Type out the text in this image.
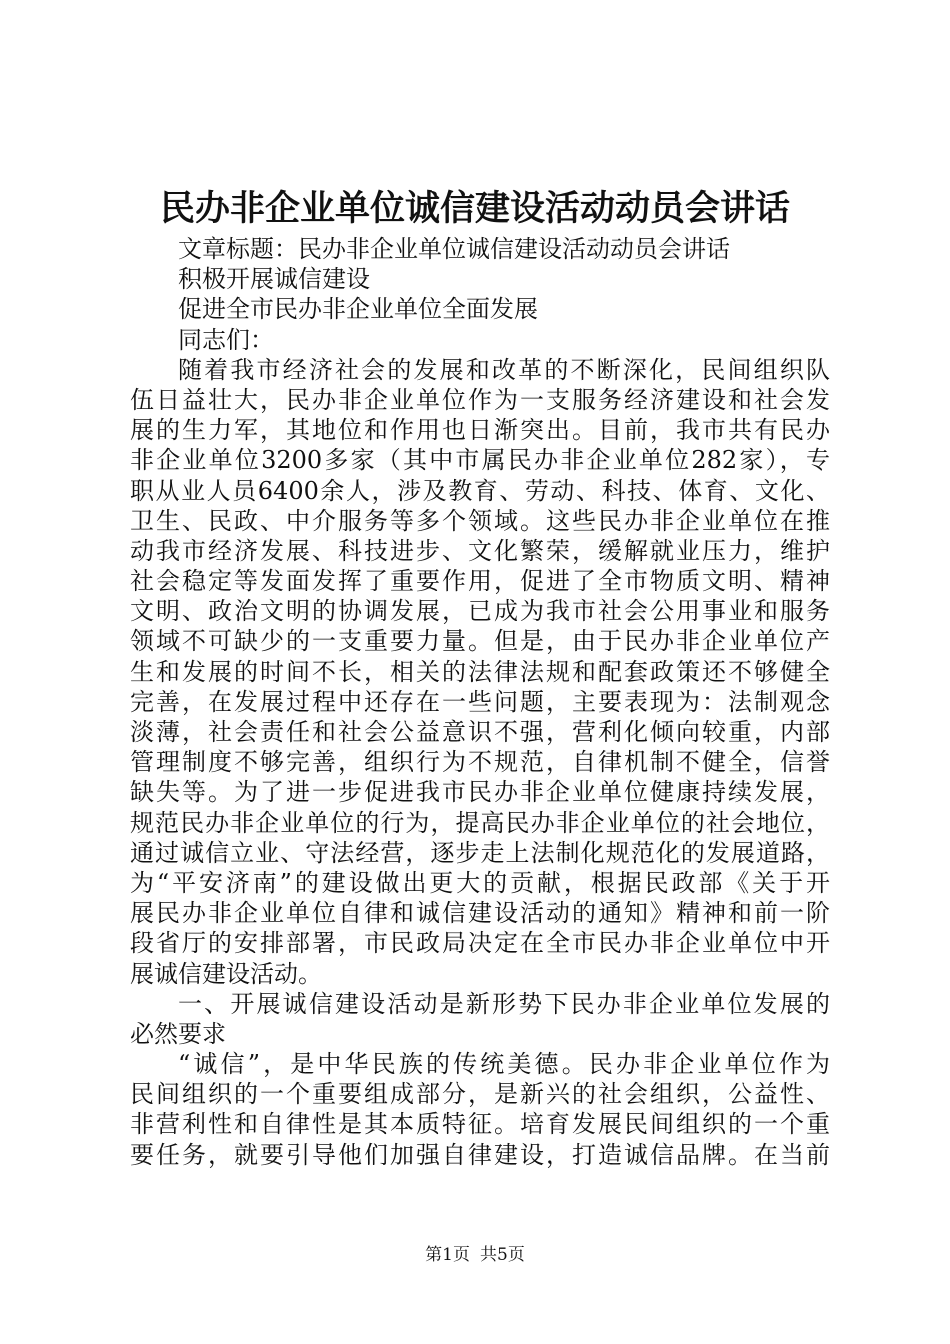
民办非企业单位诚信建设活动动员会讲话
文章标题：民办非企业单位诚信建设活动动员会讲话
积极开展诚信建设
促进全市民办非企业单位全面发展
同志们：
随着我市经济社会的发展和改革的不断深化，民间组织队
伍日益壮大，民办非企业单位作为一支服务经济建设和社会发
展的生力军，其地位和作用也日渐突出。目前，我市共有民办
非企业单位3200多家（其中市属民办非企业单位282家），专
职从业人员6400余人，涉及教育、劳动、科技、体育、文化、
卫生、民政、中介服务等多个领域。这些民办非企业单位在推
动我市经济发展、科技进步、文化繁荣，缓解就业压力，维护
社会稳定等发面发挥了重要作用，促进了全市物质文明、精神
文明、政治文明的协调发展，已成为我市社会公用事业和服务
领域不可缺少的一支重要力量。但是，由于民办非企业单位产
生和发展的时间不长，相关的法律法规和配套政策还不够健全
完善，在发展过程中还存在一些问题，主要表现为：法制观念
淡薄，社会责任和社会公益意识不强，营利化倾向较重，内部
管理制度不够完善，组织行为不规范，自律机制不健全，信誉
缺失等。为了进一步促进我市民办非企业单位健康持续发展，
规范民办非企业单位的行为，提高民办非企业单位的社会地位，
通过诚信立业、守法经营，逐步走上法制化规范化的发展道路，
为“平安济南”的建设做出更大的贡献，根据民政部《关于开
展民办非企业单位自律和诚信建设活动的通知》精神和前一阶
段省厅的安排部署，市民政局决定在全市民办非企业单位中开
展诚信建设活动。
一、开展诚信建设活动是新形势下民办非企业单位发展的
必然要求
“诚信”，是中华民族的传统美德。民办非企业单位作为
民间组织的一个重要组成部分，是新兴的社会组织，公益性、
非营利性和自律性是其本质特征。培育发展民间组织的一个重
要任务，就要引导他们加强自律建设，打造诚信品牌。在当前
第1页 共5页
